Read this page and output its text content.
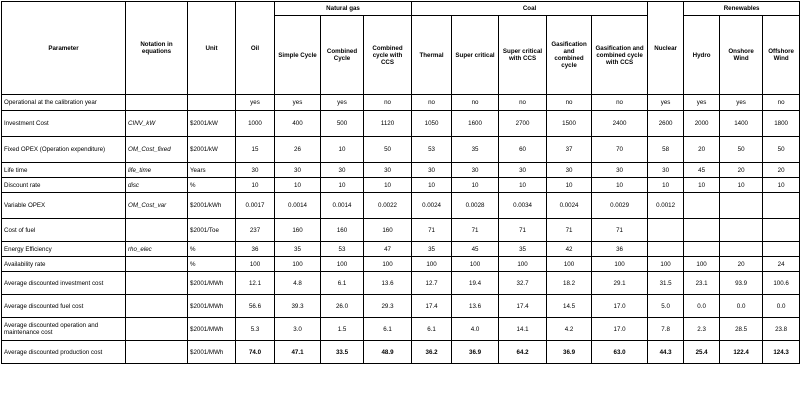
Parameter	Notation in equations	Unit	Oil	Natural gas			Coal					Nuclear	Renewables		
				Simple Cycle	Combined Cycle	Combined cycle with CCS	Thermal	Super critical	Super critical with CCS	Gasification and combined cycle	Gasification and combined cycle with CCS		Hydro	Onshore Wind	Offshore Wind
Operational at the calibration year			yes	yes	yes	no	no	no	no	no	no	yes	yes	yes	no
Investment Cost	CINV_kW	$2001/kW	1000	400	500	1120	1050	1600	2700	1500	2400	2600	2000	1400	1800
Fixed OPEX (Operation expenditure)	OM_Cost_fixed	$2001/kW	15	26	10	50	53	35	60	37	70	58	20	50	50
Life time	life_time	Years	30	30	30	30	30	30	30	30	30	30	45	20	20
Discount rate	disc	%	10	10	10	10	10	10	10	10	10	10	10	10	10
Variable OPEX	OM_Cost_var	$2001/kWh	0.0017	0.0014	0.0014	0.0022	0.0024	0.0028	0.0034	0.0024	0.0029	0.0012			
Cost of fuel		$2001/Toe	237	160	160	160	71	71	71	71	71				
Energy Efficiency	rho_elec	%	36	35	53	47	35	45	35	42	36				
Availability rate		%	100	100	100	100	100	100	100	100	100	100	100	20	24
Average discounted investment cost		$2001/MWh	12.1	4.8	6.1	13.6	12.7	19.4	32.7	18.2	29.1	31.5	23.1	93.9	100.6
Average discounted fuel cost		$2001/MWh	56.6	39.3	26.0	29.3	17.4	13.6	17.4	14.5	17.0	5.0	0.0	0.0	0.0
Average discounted operation and maintenance cost		$2001/MWh	5.3	3.0	1.5	6.1	6.1	4.0	14.1	4.2	17.0	7.8	2.3	28.5	23.8
Average discounted production cost		$2001/MWh	74.0	47.1	33.5	48.9	36.2	36.9	64.2	36.9	63.0	44.3	25.4	122.4	124.3
